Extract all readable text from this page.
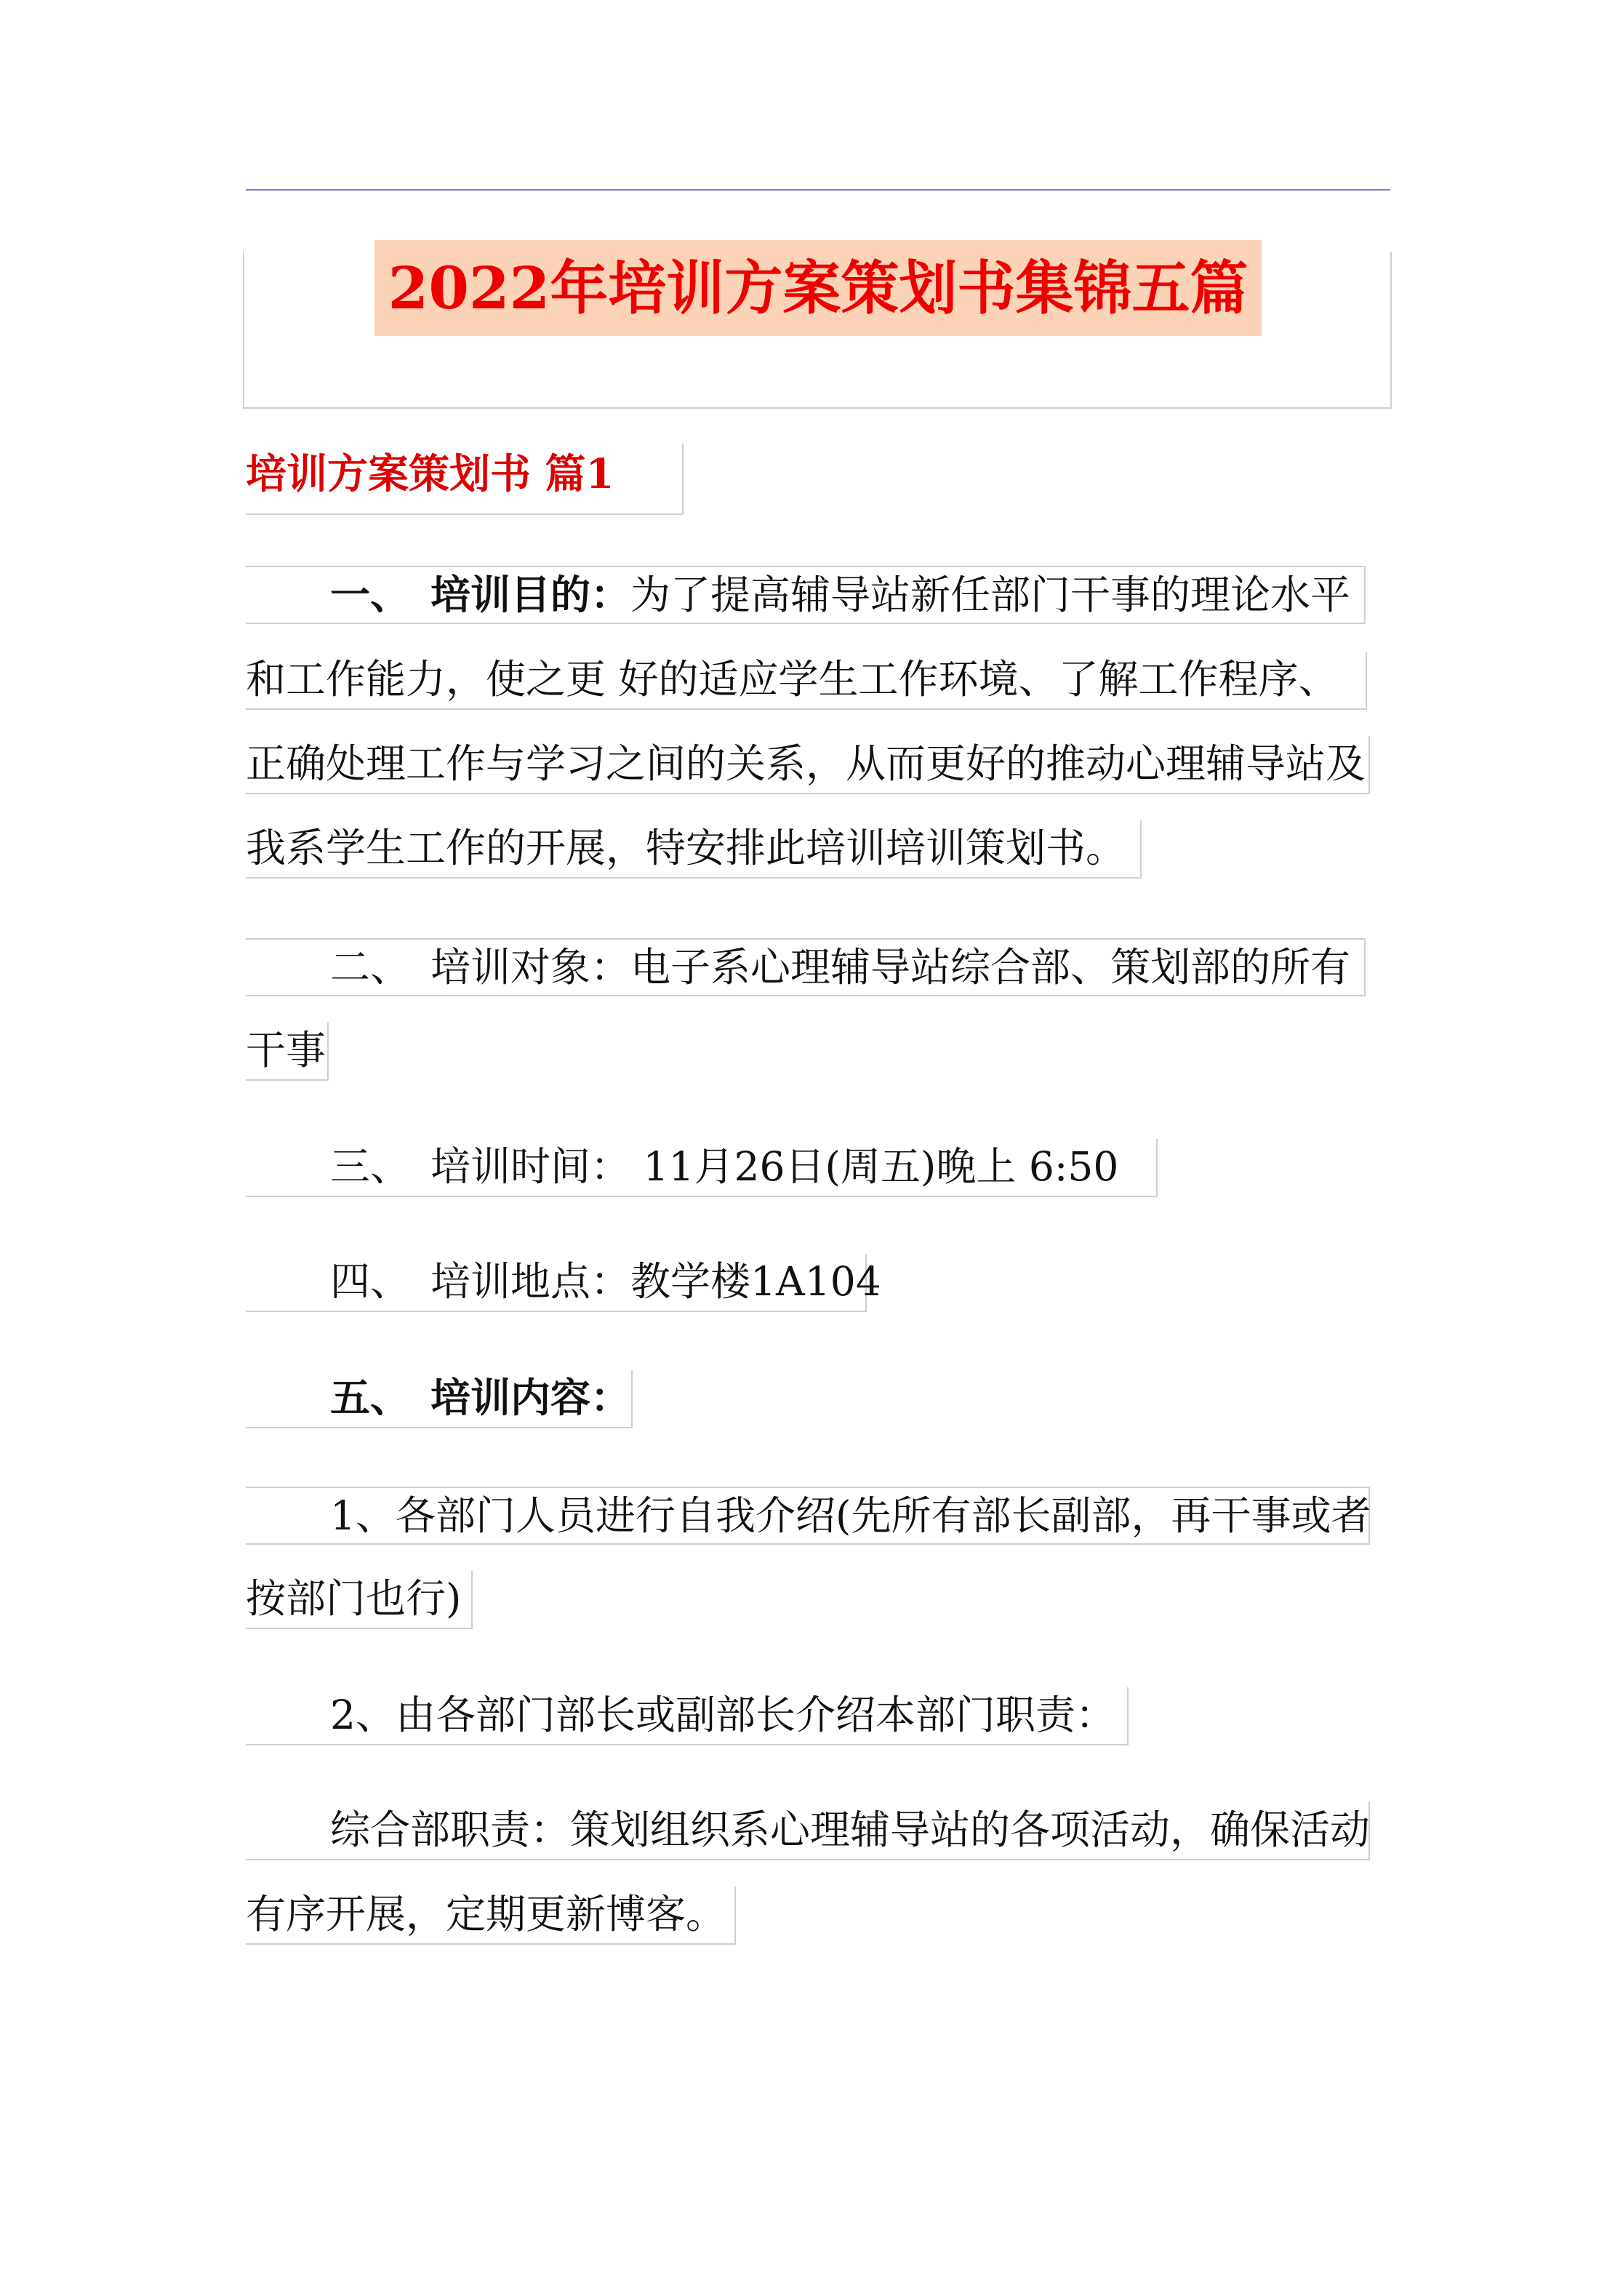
2022年培训方案策划书集锦五篇
培训方案策划书 篇1
一、 培训目的：为了提高辅导站新任部门干事的理论水平
和工作能力，使之更 好的适应学生工作环境、了解工作程序、
正确处理工作与学习之间的关系，从而更好的推动心理辅导站及
我系学生工作的开展，特安排此培训培训策划书。
二、 培训对象：电子系心理辅导站综合部、策划部的所有
干事
三、 培训时间： 11月26日(周五)晚上 6:50
四、 培训地点：教学楼1A104
五、 培训内容：
1、各部门人员进行自我介绍(先所有部长副部，再干事或者
按部门也行)
2、由各部门部长或副部长介绍本部门职责：
综合部职责：策划组织系心理辅导站的各项活动，确保活动
有序开展，定期更新博客。
